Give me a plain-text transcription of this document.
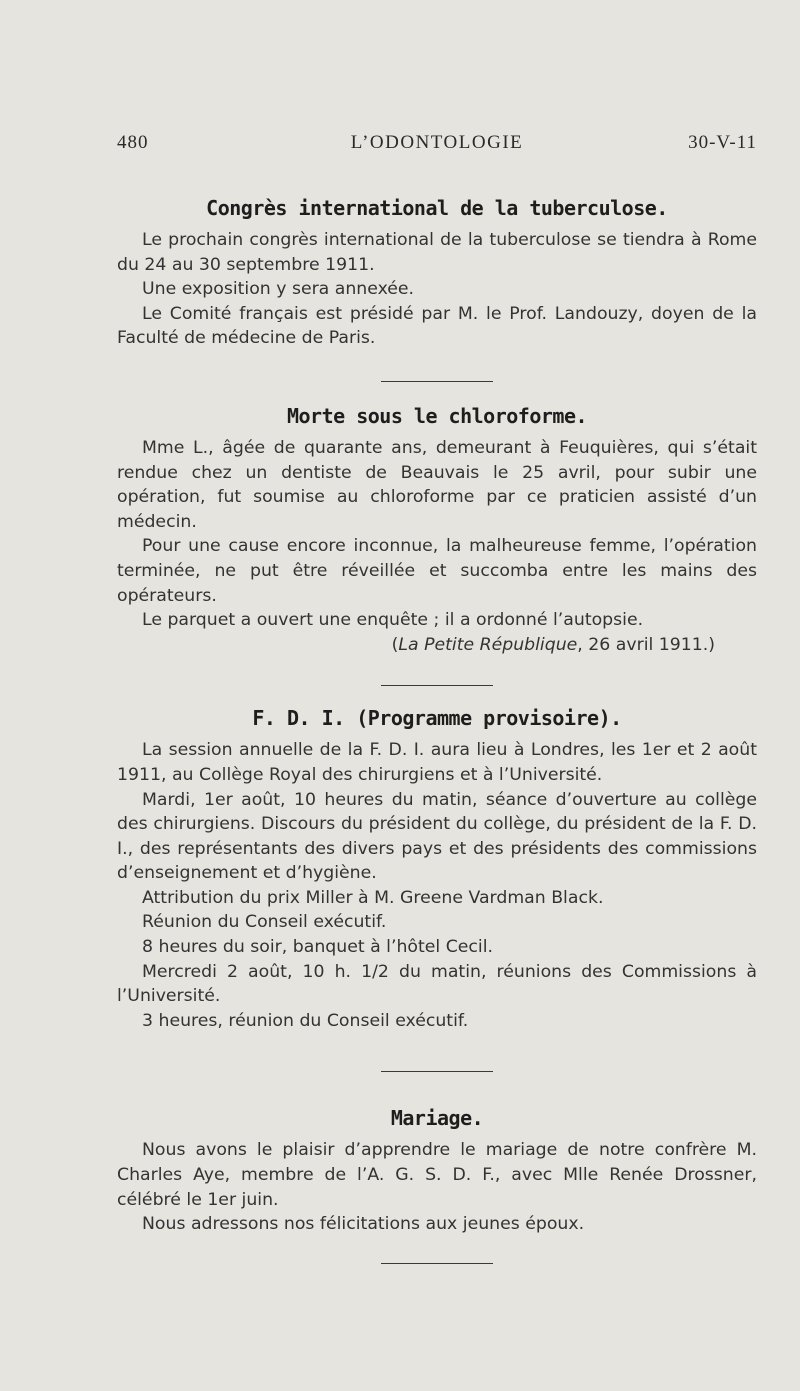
480	L’ODONTOLOGIE	30-V-11
Congrès international de la tuberculose.

Le prochain congrès international de la tuberculose se tiendra à Rome du 24 au 30 septembre 1911.

Une exposition y sera annexée.

Le Comité français est présidé par M. le Prof. Landouzy, doyen de la Faculté de médecine de Paris.

Morte sous le chloroforme.

Mme L., âgée de quarante ans, demeurant à Feuquières, qui s’était rendue chez un dentiste de Beauvais le 25 avril, pour subir une opération, fut soumise au chloroforme par ce praticien assisté d’un médecin.

Pour une cause encore inconnue, la malheureuse femme, l’opération terminée, ne put être réveillée et succomba entre les mains des opérateurs.

Le parquet a ouvert une enquête ; il a ordonné l’autopsie.

(La Petite République, 26 avril 1911.)

F. D. I. (Programme provisoire).

La session annuelle de la F. D. I. aura lieu à Londres, les 1er et 2 août 1911, au Collège Royal des chirurgiens et à l’Université.

Mardi, 1er août, 10 heures du matin, séance d’ouverture au collège des chirurgiens. Discours du président du collège, du président de la F. D. I., des représentants des divers pays et des présidents des commissions d’enseignement et d’hygiène.

Attribution du prix Miller à M. Greene Vardman Black.

Réunion du Conseil exécutif.

8 heures du soir, banquet à l’hôtel Cecil.

Mercredi 2 août, 10 h. 1/2 du matin, réunions des Commissions à l’Université.

3 heures, réunion du Conseil exécutif.

Mariage.

Nous avons le plaisir d’apprendre le mariage de notre confrère M. Charles Aye, membre de l’A. G. S. D. F., avec Mlle Renée Drossner, célébré le 1er juin.

Nous adressons nos félicitations aux jeunes époux.
